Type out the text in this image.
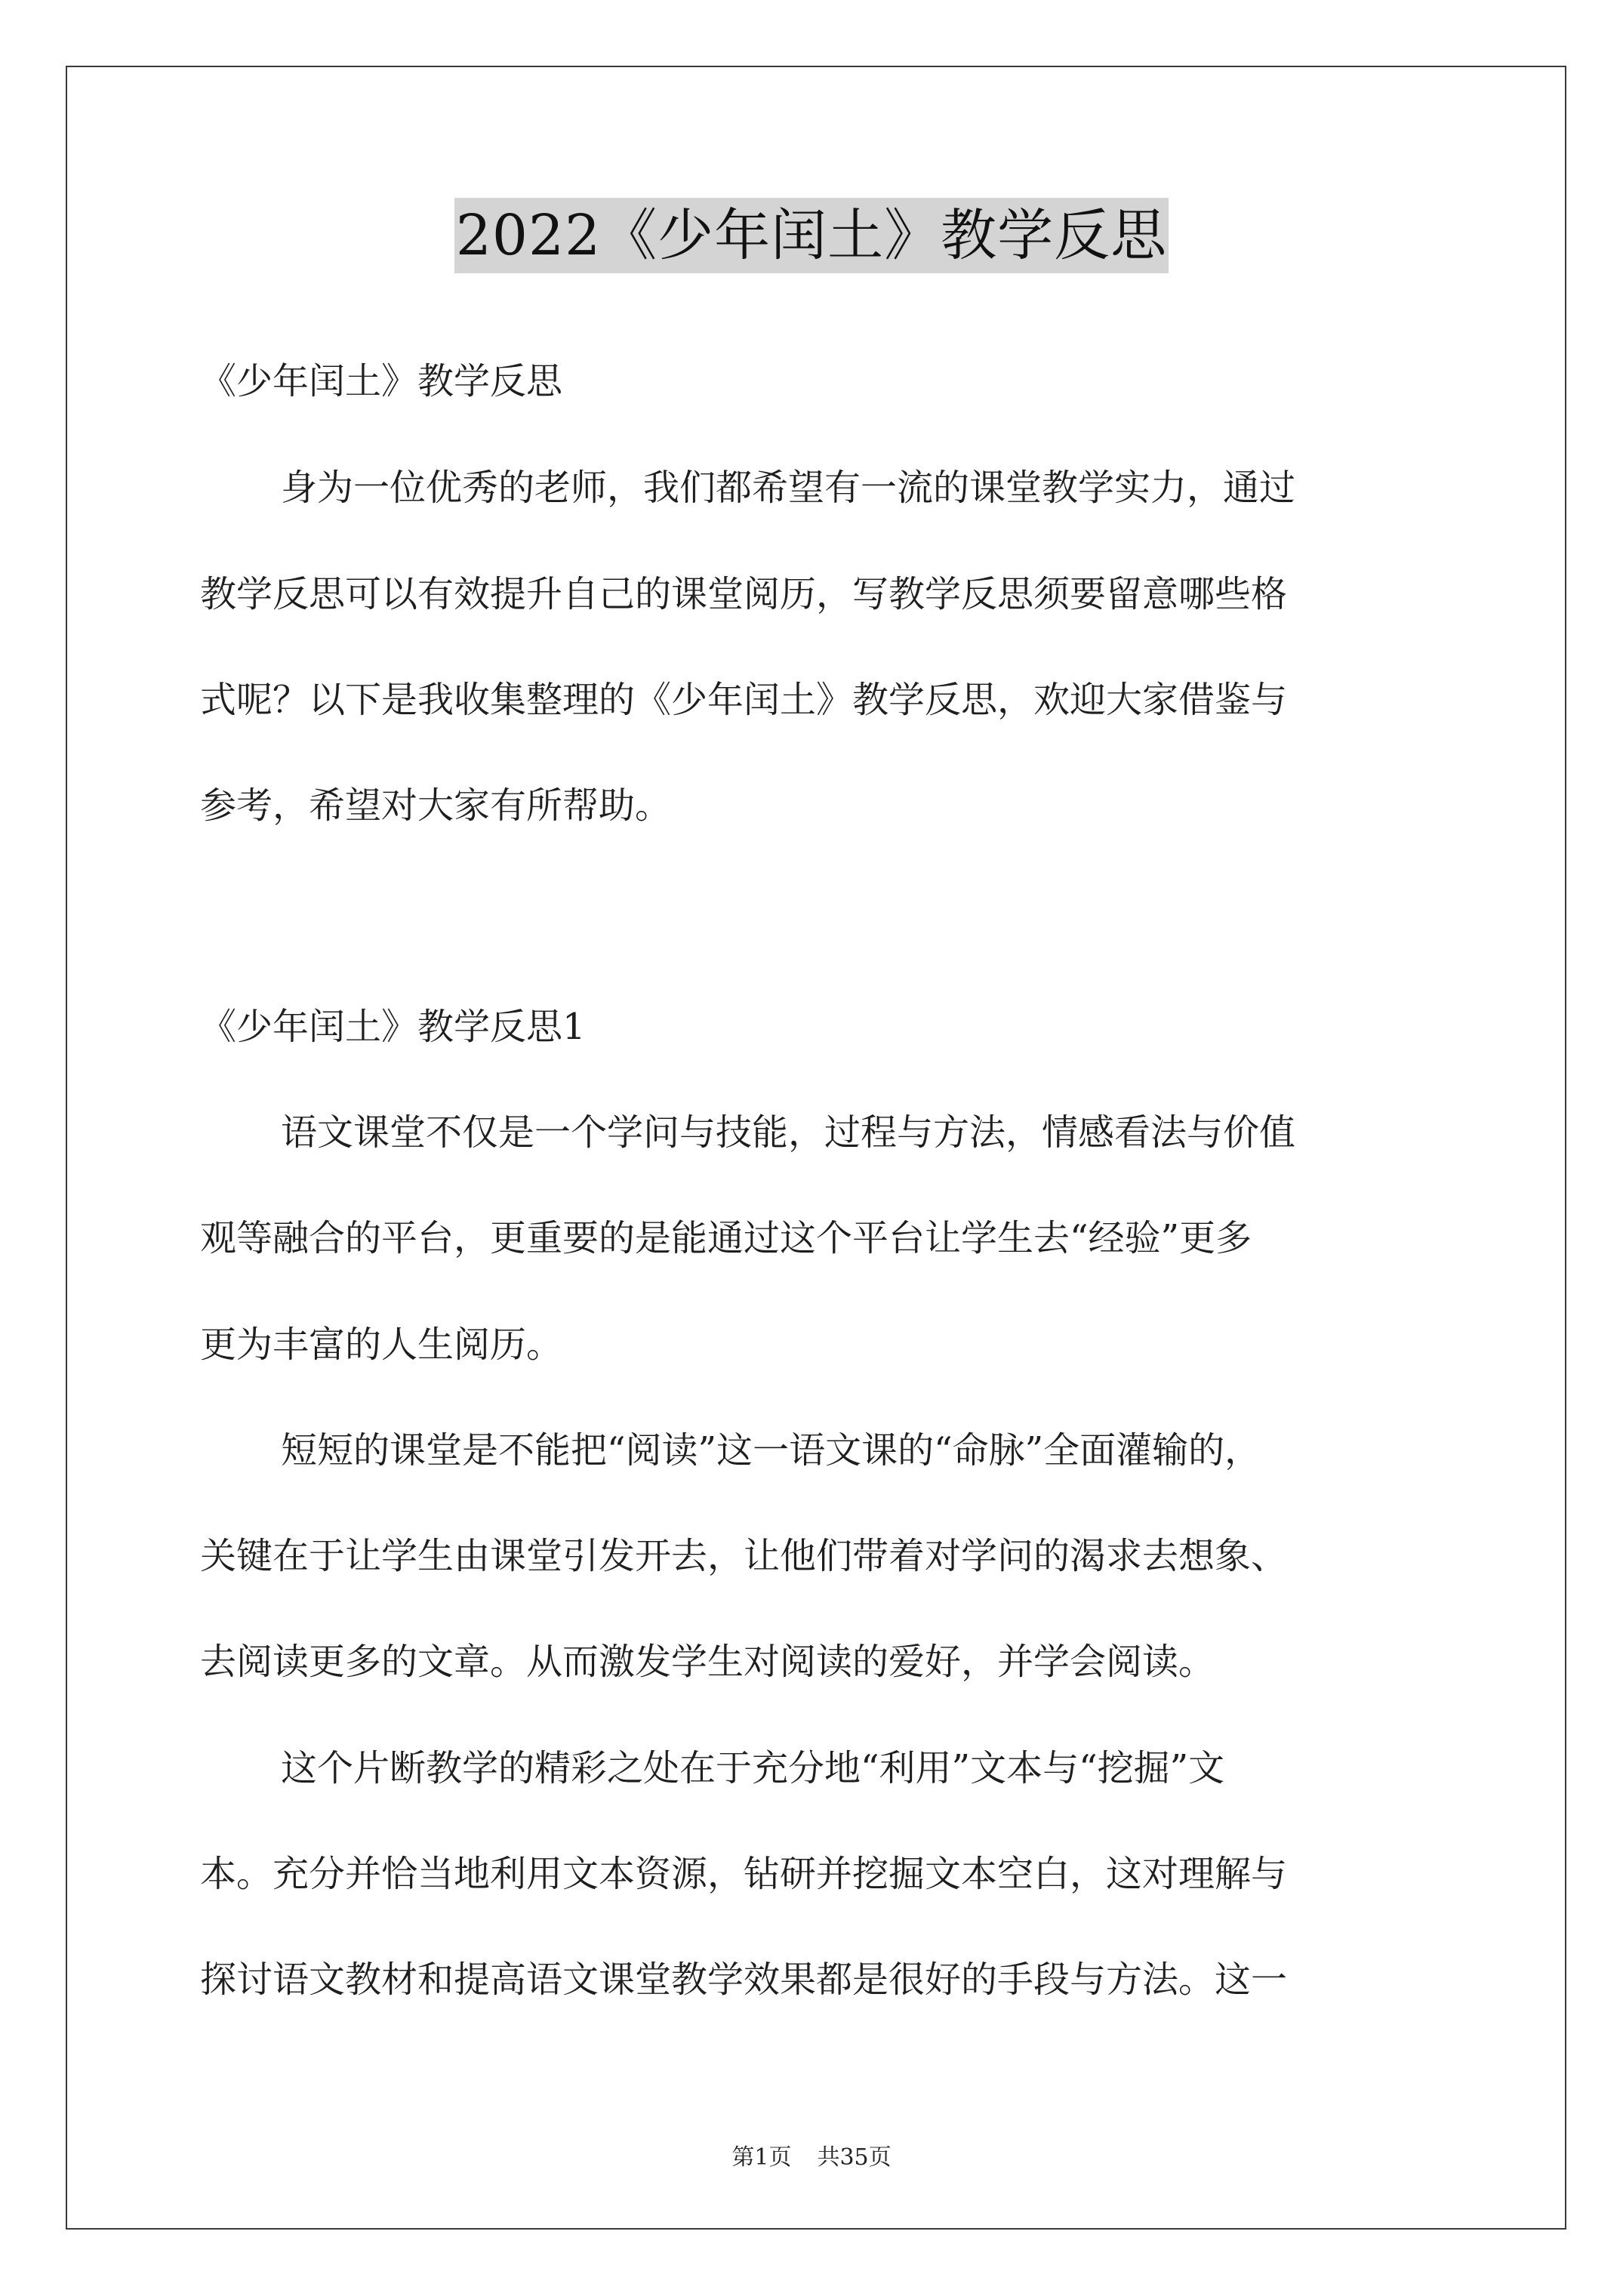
2022《少年闰土》教学反思
《少年闰土》教学反思
身为一位优秀的老师，我们都希望有一流的课堂教学实力，通过
教学反思可以有效提升自己的课堂阅历，写教学反思须要留意哪些格
式呢？以下是我收集整理的《少年闰土》教学反思，欢迎大家借鉴与
参考，希望对大家有所帮助。
《少年闰土》教学反思1
语文课堂不仅是一个学问与技能，过程与方法，情感看法与价值
观等融合的平台，更重要的是能通过这个平台让学生去“经验”更多
更为丰富的人生阅历。
短短的课堂是不能把“阅读”这一语文课的“命脉”全面灌输的，
关键在于让学生由课堂引发开去，让他们带着对学问的渴求去想象、
去阅读更多的文章。从而激发学生对阅读的爱好，并学会阅读。
这个片断教学的精彩之处在于充分地“利用”文本与“挖掘”文
本。充分并恰当地利用文本资源，钻研并挖掘文本空白，这对理解与
探讨语文教材和提高语文课堂教学效果都是很好的手段与方法。这一
第1页 共35页
